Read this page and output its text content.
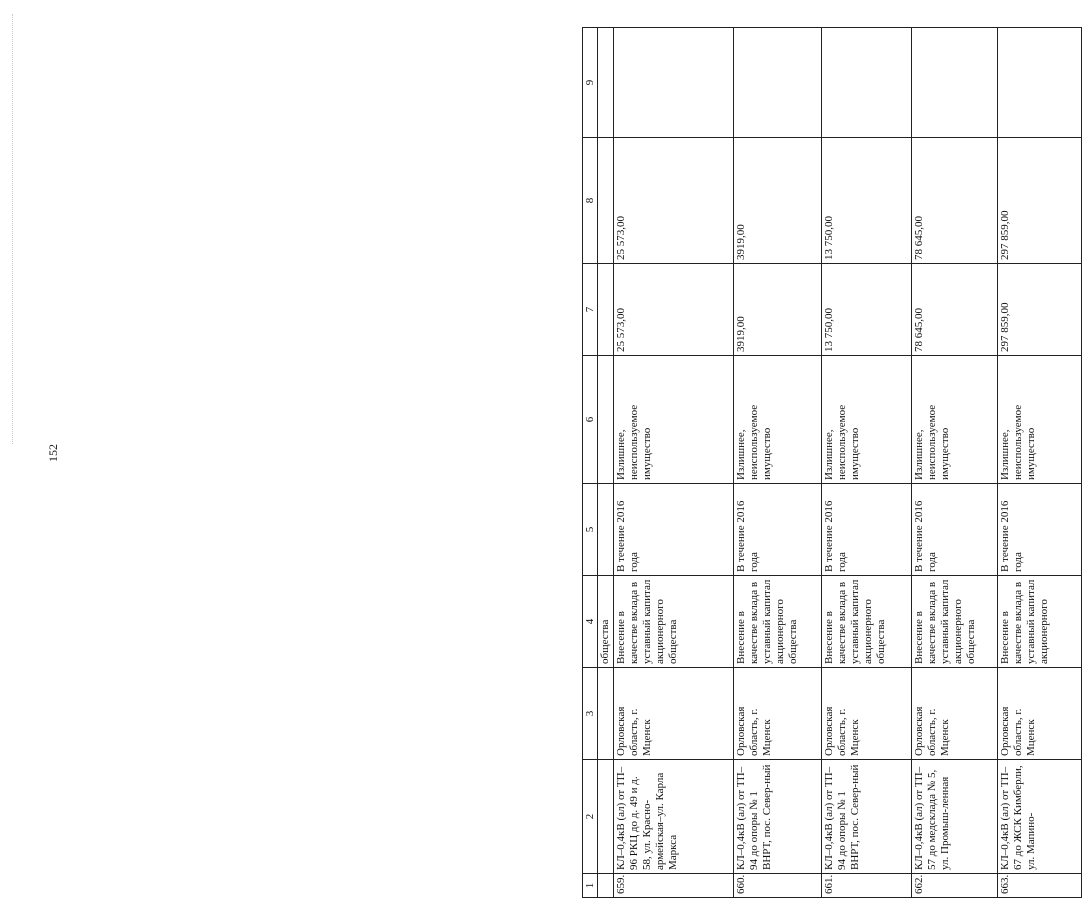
152
1	2	3	4	5	6	7	8	9
			общества					
659.	КЛ–0,4кВ (ал) от ТП–96 РКЦ до д. 49 и д. 58, ул. Красно-армейская–ул. Карла Маркса	Орловская область, г. Мценск	Внесение в качестве вклада в уставный капитал акционерного общества	В течение 2016 года	Излишнее, неиспользуемое имущество	25 573,00	25 573,00	
660.	КЛ–0,4кВ (ал) от ТП–94 до опоры № 1 ВНРТ, пос. Север-ный	Орловская область, г. Мценск	Внесение в качестве вклада в уставный капитал акционерного общества	В течение 2016 года	Излишнее, неиспользуемое имущество	3919,00	3919,00	
661.	КЛ–0,4кВ (ал) от ТП–94 до опоры № 1 ВНРТ, пос. Север-ный	Орловская область, г. Мценск	Внесение в качестве вклада в уставный капитал акционерного общества	В течение 2016 года	Излишнее, неиспользуемое имущество	13 750,00	13 750,00	
662.	КЛ–0,4кВ (ал) от ТП–57 до медсклада № 5, ул. Промыш-ленная	Орловская область, г. Мценск	Внесение в качестве вклада в уставный капитал акционерного общества	В течение 2016 года	Излишнее, неиспользуемое имущество	78 645,00	78 645,00	
663.	КЛ–0,4кВ (ал) от ТП–67 до ЖСК Кимберли, ул. Мапино-	Орловская область, г. Мценск	Внесение в качестве вклада в уставный капитал акционерного	В течение 2016 года	Излишнее, неиспользуемое имущество	297 859,00	297 859,00	
